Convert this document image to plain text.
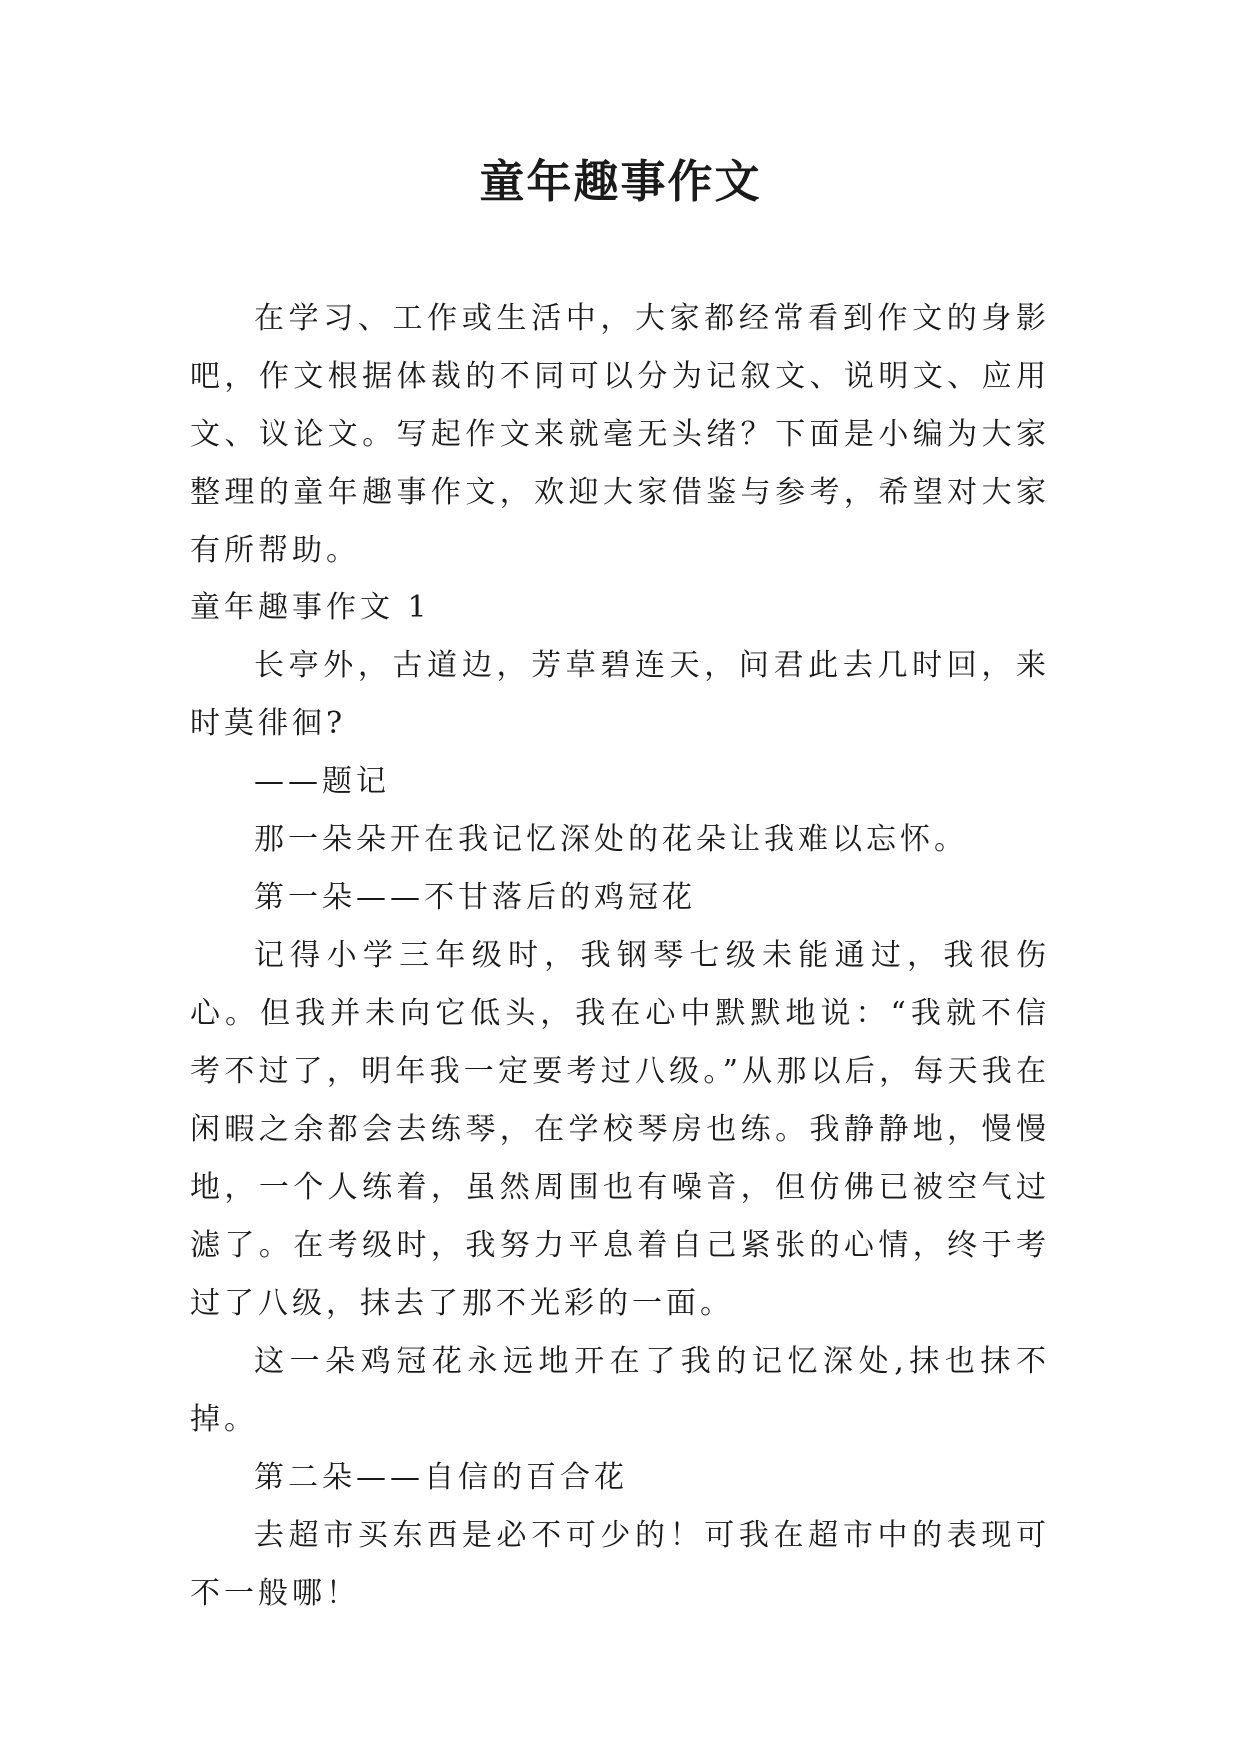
童年趣事作文

在学习、工作或生活中，大家都经常看到作文的身影吧，作文根据体裁的不同可以分为记叙文、说明文、应用文、议论文。写起作文来就毫无头绪？下面是小编为大家整理的童年趣事作文，欢迎大家借鉴与参考，希望对大家有所帮助。

童年趣事作文 1

长亭外，古道边，芳草碧连天，问君此去几时回，来时莫徘徊?

——题记

那一朵朵开在我记忆深处的花朵让我难以忘怀。

第一朵——不甘落后的鸡冠花

记得小学三年级时，我钢琴七级未能通过，我很伤心。但我并未向它低头，我在心中默默地说：“我就不信考不过了，明年我一定要考过八级。”从那以后，每天我在闲暇之余都会去练琴，在学校琴房也练。我静静地，慢慢地，一个人练着，虽然周围也有噪音，但仿佛已被空气过滤了。在考级时，我努力平息着自己紧张的心情，终于考过了八级，抹去了那不光彩的一面。

这一朵鸡冠花永远地开在了我的记忆深处,抹也抹不掉。

第二朵——自信的百合花

去超市买东西是必不可少的！可我在超市中的表现可不一般哪！
